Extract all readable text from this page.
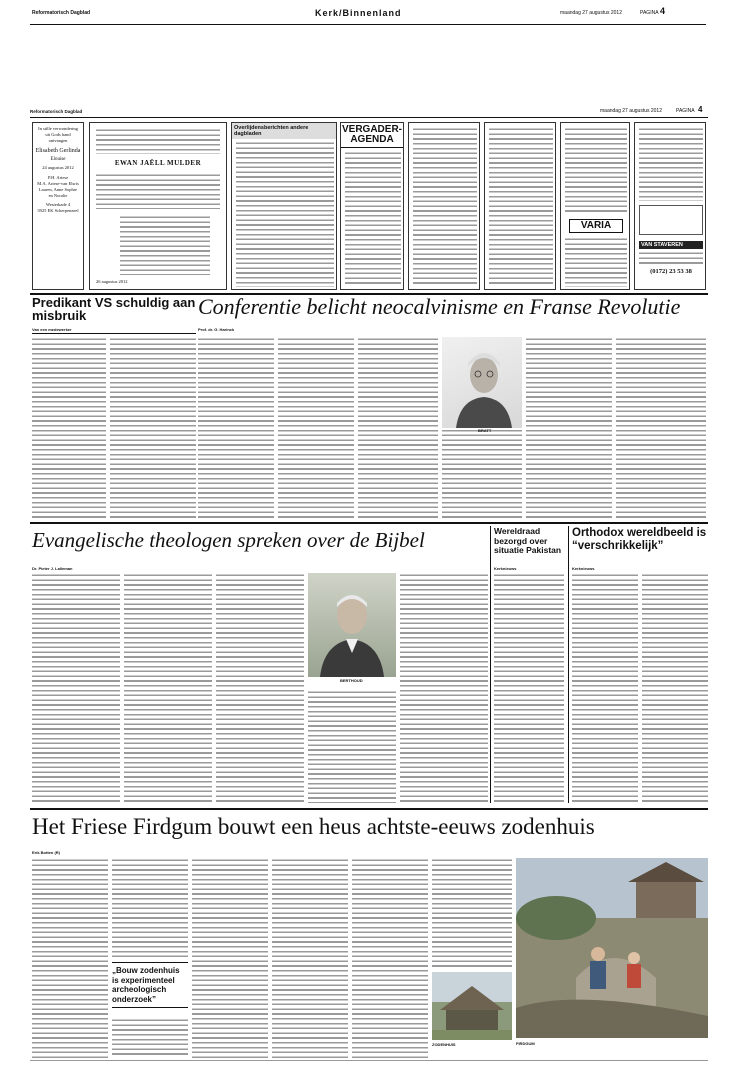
Reformatorisch Dagblad	Kerk/Binnenland	maandag 27 augustus 2012	PAGINA 4
Reformatorisch Dagblad	maandag 27 augustus 2012	PAGINA 4
In stille verwondering
uit Gods hand
ontvangen
Elisabeth Gerlinda
Elouise
24 augustus 2012
P.H. Ariese
M.A. Ariese-van Elsris
Lauren, Anne Sophie
en Noralie
Westerkade 4
3925 EK Scherpenzeel
EWAN JAËLL MULDER
26 augustus 2012
Overlijdensberichten andere dagbladen	VERGADER-AGENDA
VARIA
VAN STAVEREN
(0172) 23 53 38
Predikant VS schuldig aan misbruik
Van een medewerker
Conferentie belicht neocalvinisme en Franse Revolutie
Prof. dr. G. Harinck
BRATT
Evangelische theologen spreken over de Bijbel
Dr. Pieter J. Lalleman
BERTHOUD
Wereldraad bezorgd over situatie Pakistan
Kerknieuws
Orthodox wereldbeeld is “verschrikkelijk”
Kerknieuws
Het Friese Firdgum bouwt een heus achtste-eeuws zodenhuis
Erik Botten (R)
„Bouw zodenhuis is experimenteel archeologisch onderzoek”
ZODENHUIS	FIRDGUM
